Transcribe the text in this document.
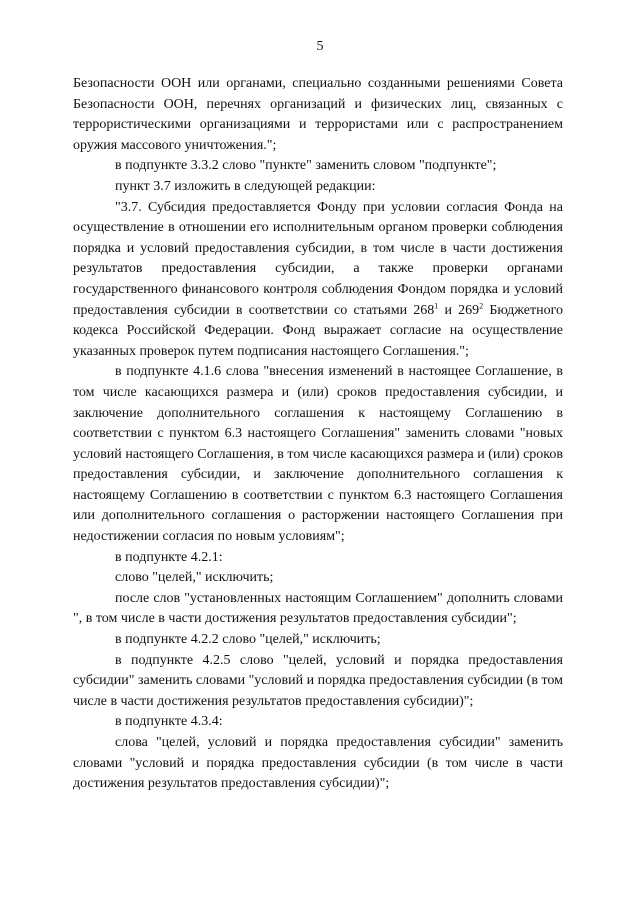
5

Безопасности ООН или органами, специально созданными решениями Совета Безопасности ООН, перечнях организаций и физических лиц, связанных с террористическими организациями и террористами или с распространением оружия массового уничтожения.";

в подпункте 3.3.2 слово "пункте" заменить словом "подпункте";

пункт 3.7 изложить в следующей редакции:

"3.7. Субсидия предоставляется Фонду при условии согласия Фонда на осуществление в отношении его исполнительным органом проверки соблюдения порядка и условий предоставления субсидии, в том числе в части достижения результатов предоставления субсидии, а также проверки органами государственного финансового контроля соблюдения Фондом порядка и условий предоставления субсидии в соответствии со статьями $268^1$ и $269^2$ Бюджетного кодекса Российской Федерации. Фонд выражает согласие на осуществление указанных проверок путем подписания настоящего Соглашения.";

в подпункте 4.1.6 слова "внесения изменений в настоящее Соглашение, в том числе касающихся размера и (или) сроков предоставления субсидии, и заключение дополнительного соглашения к настоящему Соглашению в соответствии с пунктом 6.3 настоящего Соглашения" заменить словами "новых условий настоящего Соглашения, в том числе касающихся размера и (или) сроков предоставления субсидии, и заключение дополнительного соглашения к настоящему Соглашению в соответствии с пунктом 6.3 настоящего Соглашения или дополнительного соглашения о расторжении настоящего Соглашения при недостижении согласия по новым условиям";

в подпункте 4.2.1:

слово "целей," исключить;

после слов "установленных настоящим Соглашением" дополнить словами ", в том числе в части достижения результатов предоставления субсидии";

в подпункте 4.2.2 слово "целей," исключить;

в подпункте 4.2.5 слово "целей, условий и порядка предоставления субсидии" заменить словами "условий и порядка предоставления субсидии (в том числе в части достижения результатов предоставления субсидии)";

в подпункте 4.3.4:

слова "целей, условий и порядка предоставления субсидии" заменить словами "условий и порядка предоставления субсидии (в том числе в части достижения результатов предоставления субсидии)";
